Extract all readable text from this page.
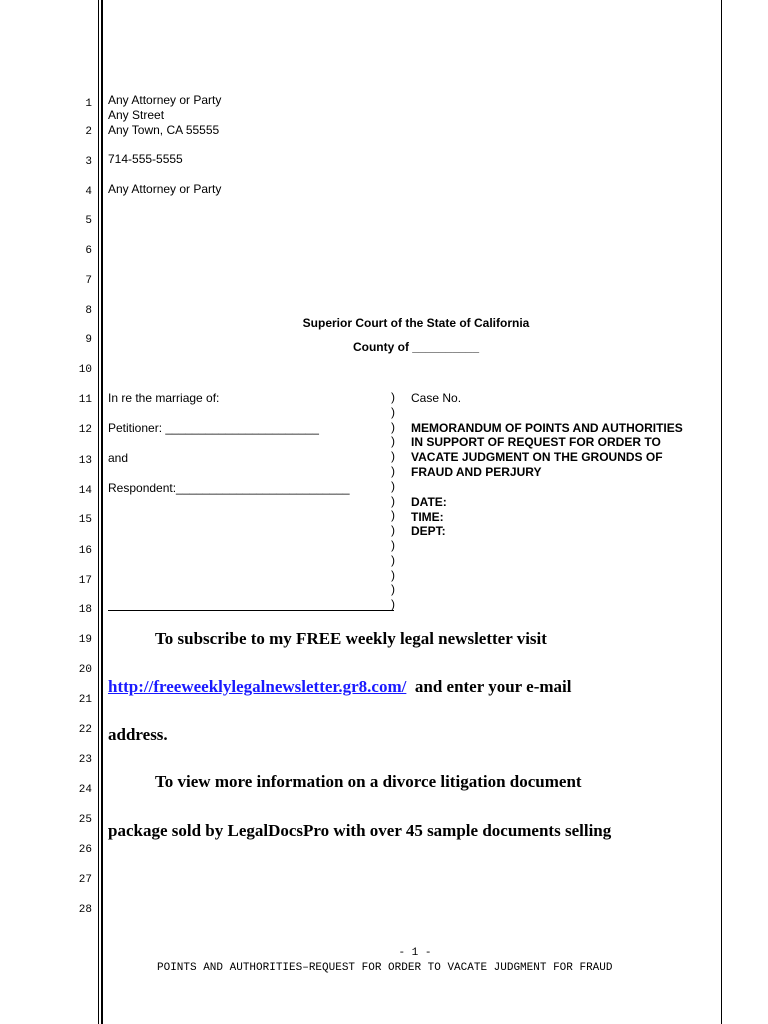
1
2
3
4
5
6
7
8
9
10
11
12
13
14
15
16
17
18
19
20
21
22
23
24
25
26
27
28
Any Attorney or Party
Any Street
Any Town, CA 55555
714-555-5555
Any Attorney or Party
Superior Court of the State of California
County of __________
In re the marriage of:
Petitioner: _______________________
and
Respondent:__________________________
)
)
)
)
)
)
)
)
)
)
)
)
)
)
)
Case No.
MEMORANDUM OF POINTS AND AUTHORITIES
IN SUPPORT OF REQUEST FOR ORDER TO
VACATE JUDGMENT ON THE GROUNDS OF
FRAUD AND PERJURY
DATE:
TIME:
DEPT:
To subscribe to my FREE weekly legal newsletter visit
http://freeweeklylegalnewsletter.gr8.com/ and enter your e-mail
address.
To view more information on a divorce litigation document
package sold by LegalDocsPro with over 45 sample documents selling
- 1 -
POINTS AND AUTHORITIES–REQUEST FOR ORDER TO VACATE JUDGMENT FOR FRAUD
